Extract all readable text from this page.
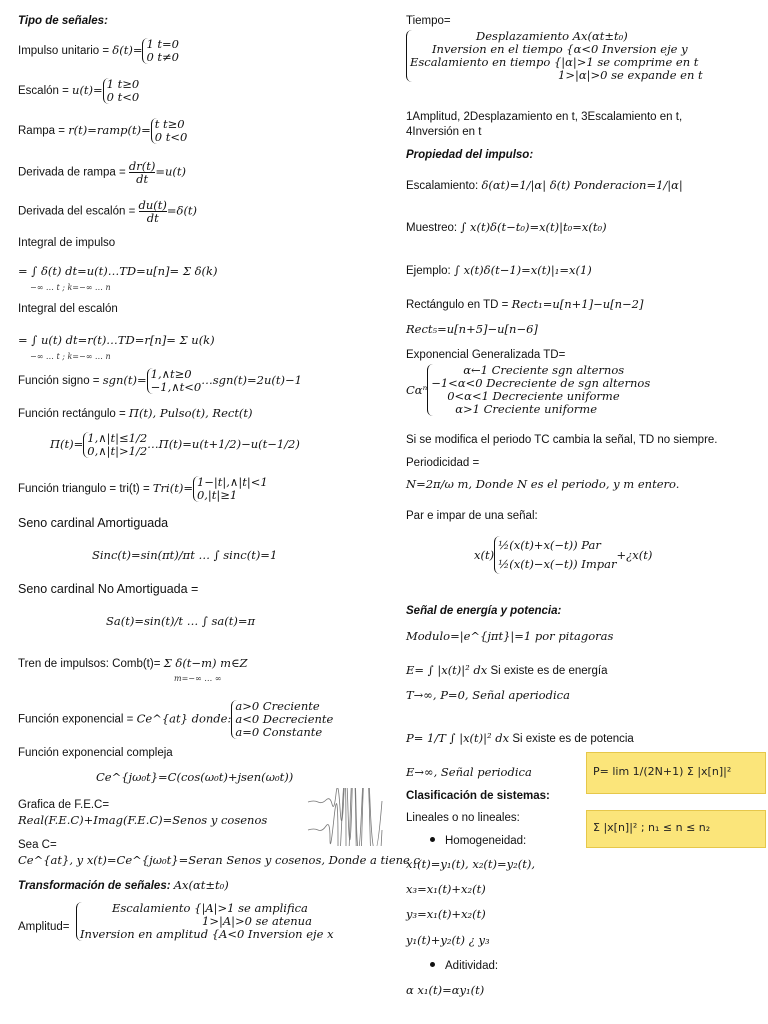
Tipo de señales:
Impulso unitario = δ(t)= 1 t=0
0 t≠0
Escalón = u(t)= 1 t≥0
0 t<0
Rampa = r(t)=ramp(t)= t t≥0
0 t<0
Derivada de rampa = $\frac{dr(t)}{dt} =u(t)$
Derivada del escalón = $\frac{du(t)}{dt} =\delta(t)$
Integral de impulso
= ∫ δ(t) dt=u(t)…TD=u[n]= Σ δ(k)
−∞ … t ; k=−∞ … n
Integral del escalón
= ∫ u(t) dt=r(t)…TD=r[n]= Σ u(k)
−∞ … t ; k=−∞ … n
Función signo = sgn(t)= 1,∧t≥0
−1,∧t<0 …sgn(t)=2u(t)−1
Función rectángulo = Π(t), Pulso(t), Rect(t)
Π(t)= 1,∧|t|≤1/2
0,∧|t|>1/2 …Π(t)=u(t+1/2)−u(t−1/2)
Función triangulo = tri(t) = Tri(t)= 1−|t|,∧|t|<1
0,|t|≥1
Seno cardinal Amortiguada
Sinc(t)=sin(πt)/πt … ∫ sinc(t)=1
Seno cardinal No Amortiguada =
Sa(t)=sin(t)/t … ∫ sa(t)=π
Tren de impulsos: Comb(t)= Σ δ(t−m) m∈Z
m=−∞ … ∞
Función exponencial = Ce^{at} donde:
a>0 Creciente
a<0 Decreciente
a=0 Constante
Función exponencial compleja
Ce^{jω₀t}=C(cos(ω₀t)+jsen(ω₀t))
Grafica de F.E.C=
Real(F.E.C)+Imag(F.E.C)=Senos y cosenos
Sea C=
Ce^{at}, y x(t)=Ce^{jω₀t}=Seran Senos y cosenos, Donde a tiene c
Transformación de señales: Ax(αt±t₀)
Amplitud=
Escalamiento {|A|>1 se amplifica
1>|A|>0 se atenua
Inversion en amplitud {A<0 Inversion eje x
Tiempo=
Desplazamiento Ax(αt±t₀)
Inversion en el tiempo {α<0 Inversion eje y
Escalamiento en tiempo {|α|>1 se comprime en t
1>|α|>0 se expande en t
1Amplitud, 2Desplazamiento en t, 3Escalamiento en t,
4Inversión en t
Propiedad del impulso:
Escalamiento: δ(αt)=1/|α| δ(t) Ponderacion=1/|α|
Muestreo: ∫ x(t)δ(t−t₀)=x(t)|t₀=x(t₀)
Ejemplo: ∫ x(t)δ(t−1)=x(t)|₁=x(1)
Rectángulo en TD = Rect₁=u[n+1]−u[n−2]
Rect₅=u[n+5]−u[n−6]
Exponencial Generalizada TD=
Cαⁿ
α←1 Creciente sgn alternos
−1<α<0 Decreciente de sgn alternos
0<α<1 Decreciente uniforme
α>1 Creciente uniforme
Si se modifica el periodo TC cambia la señal, TD no siempre.
Periodicidad =
N=2π/ω m, Donde N es el periodo, y m entero.
Par e impar de una señal:
x(t)
½(x(t)+x(−t)) Par
½(x(t)−x(−t)) Impar
+¿x(t)
Señal de energía y potencia:
Modulo=|e^{jπt}|=1 por pitagoras
E= ∫ |x(t)|² dx Si existe es de energía
T→∞, P=0, Señal aperiodica
P= 1/T ∫ |x(t)|² dx Si existe es de potencia
E→∞, Señal periodica	P= lim 1/(2N+1) Σ |x[n]|²
Clasificación de sistemas:
Lineales o no lineales:
Σ |x[n]|² ; n₁ ≤ n ≤ n₂
Homogeneidad:
x₁(t)=y₁(t), x₂(t)=y₂(t),
x₃=x₁(t)+x₂(t)
y₃=x₁(t)+x₂(t)
y₁(t)+y₂(t) ¿ y₃
Aditividad:
α x₁(t)=αy₁(t)
